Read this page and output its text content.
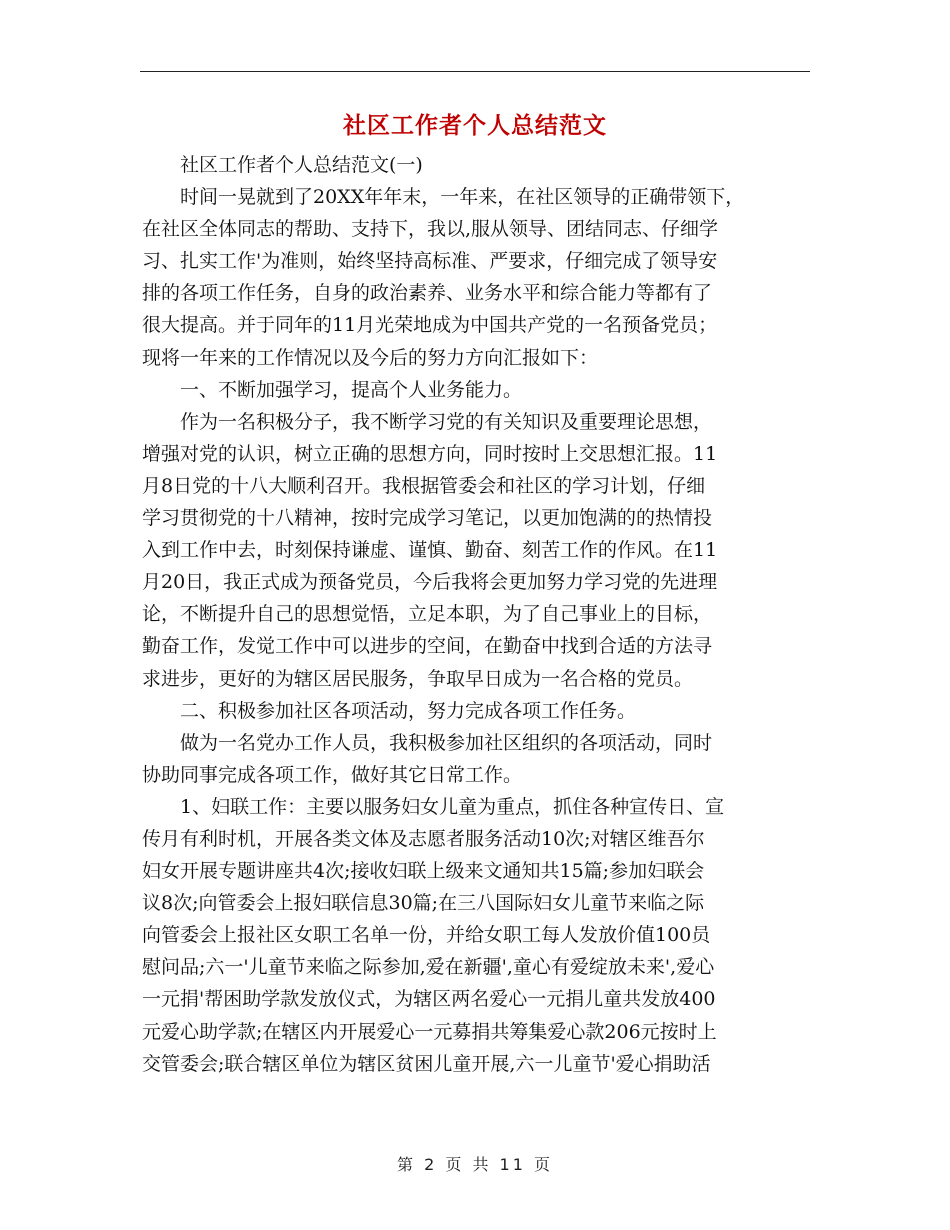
社区工作者个人总结范文
社区工作者个人总结范文(一)
时间一晃就到了20XX年年末，一年来，在社区领导的正确带领下，
在社区全体同志的帮助、支持下，我以,服从领导、团结同志、仔细学
习、扎实工作'为准则，始终坚持高标准、严要求，仔细完成了领导安
排的各项工作任务，自身的政治素养、业务水平和综合能力等都有了
很大提高。并于同年的11月光荣地成为中国共产党的一名预备党员；
现将一年来的工作情况以及今后的努力方向汇报如下：
一、不断加强学习，提高个人业务能力。
作为一名积极分子，我不断学习党的有关知识及重要理论思想，
增强对党的认识，树立正确的思想方向，同时按时上交思想汇报。11
月8日党的十八大顺利召开。我根据管委会和社区的学习计划，仔细
学习贯彻党的十八精神，按时完成学习笔记，以更加饱满的的热情投
入到工作中去，时刻保持谦虚、谨慎、勤奋、刻苦工作的作风。在11
月20日，我正式成为预备党员，今后我将会更加努力学习党的先进理
论，不断提升自己的思想觉悟，立足本职，为了自己事业上的目标，
勤奋工作，发觉工作中可以进步的空间，在勤奋中找到合适的方法寻
求进步，更好的为辖区居民服务，争取早日成为一名合格的党员。
二、积极参加社区各项活动，努力完成各项工作任务。
做为一名党办工作人员，我积极参加社区组织的各项活动，同时
协助同事完成各项工作，做好其它日常工作。
1、妇联工作：主要以服务妇女儿童为重点，抓住各种宣传日、宣
传月有利时机，开展各类文体及志愿者服务活动10次;对辖区维吾尔
妇女开展专题讲座共4次;接收妇联上级来文通知共15篇;参加妇联会
议8次;向管委会上报妇联信息30篇;在三八国际妇女儿童节来临之际
向管委会上报社区女职工名单一份，并给女职工每人发放价值100员
慰问品;六一'儿童节来临之际参加,爱在新疆',童心有爱绽放未来',爱心
一元捐'帮困助学款发放仪式，为辖区两名爱心一元捐儿童共发放400
元爱心助学款;在辖区内开展爱心一元募捐共筹集爱心款206元按时上
交管委会;联合辖区单位为辖区贫困儿童开展,六一儿童节'爱心捐助活
第 2 页 共 11 页
